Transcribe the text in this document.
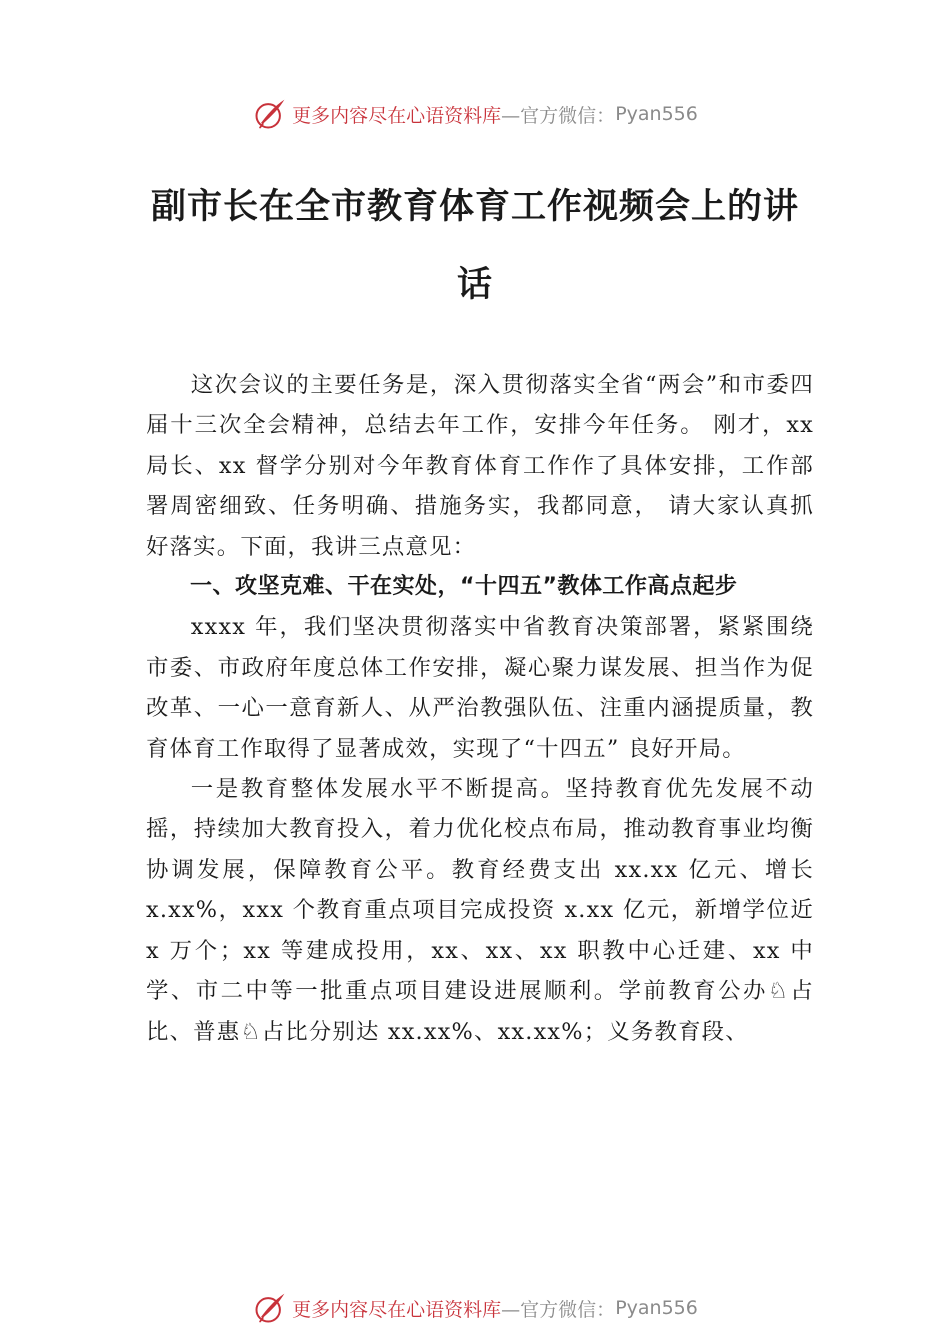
更多内容尽在心语资料库 —官方微信： Pyan556
副市长在全市教育体育工作视频会上的讲
话

这次会议的主要任务是，深入贯彻落实全省“两会”和市委四届十三次全会精神，总结去年工作，安排今年任务。 刚才，xx 局长、xx 督学分别对今年教育体育工作作了具体安排，工作部署周密细致、任务明确、措施务实，我都同意， 请大家认真抓好落实。下面，我讲三点意见：

一、攻坚克难、干在实处，“十四五”教体工作高点起步

xxxx 年，我们坚决贯彻落实中省教育决策部署，紧紧围绕市委、市政府年度总体工作安排，凝心聚力谋发展、担当作为促改革、一心一意育新人、从严治教强队伍、注重内涵提质量，教育体育工作取得了显著成效，实现了“十四五” 良好开局。

一是教育整体发展水平不断提高。坚持教育优先发展不动摇，持续加大教育投入，着力优化校点布局，推动教育事业均衡协调发展，保障教育公平。教育经费支出 xx.xx 亿元、增长 x.xx%，xxx 个教育重点项目完成投资 x.xx 亿元，新增学位近 x 万个；xx 等建成投用，xx、xx、xx 职教中心迁建、xx 中学、市二中等一批重点项目建设进展顺利。学前教育公办♘占比、普惠♘占比分别达 xx.xx%、xx.xx%；义务教育段、

更多内容尽在心语资料库 —官方微信： Pyan556
